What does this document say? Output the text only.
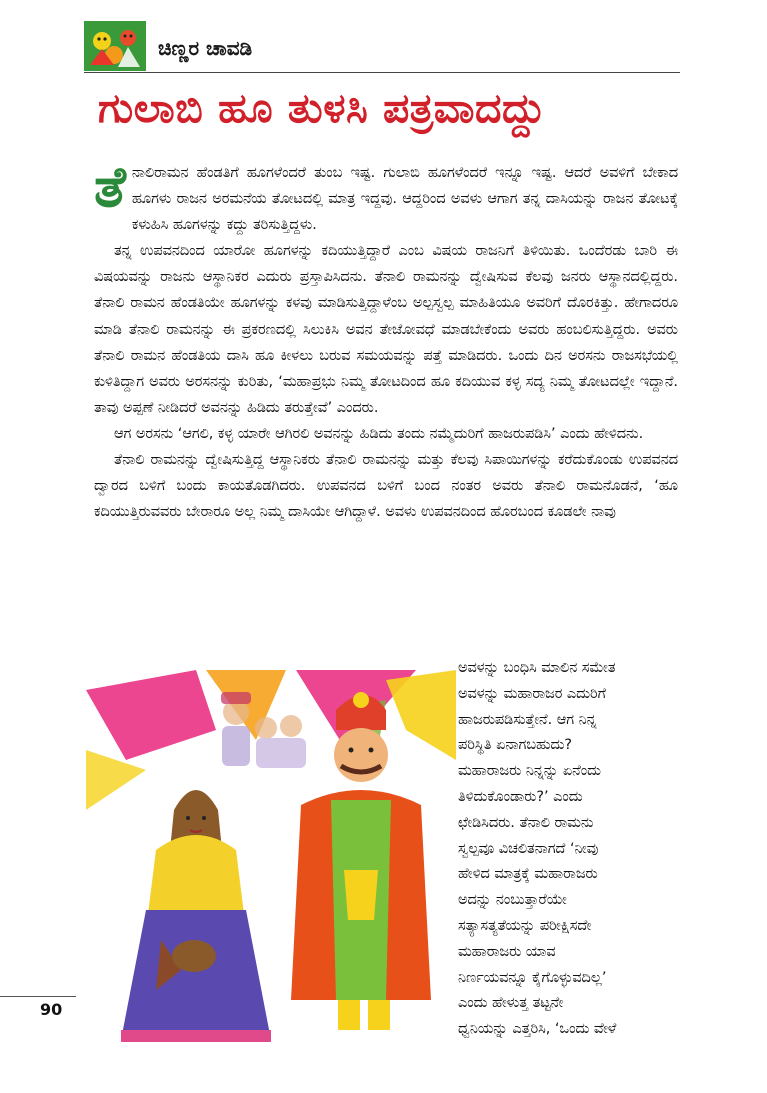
ಚಿಣ್ಣರ ಚಾವಡಿ
ಗುಲಾಬಿ ಹೂ ತುಳಸಿ ಪತ್ರವಾದದ್ದು

ತೆ ನಾಲಿರಾಮನ ಹೆಂಡತಿಗೆ ಹೂಗಳೆಂದರೆ ತುಂಬ ಇಷ್ಟ. ಗುಲಾಬಿ ಹೂಗಳೆಂದರೆ ಇನ್ನೂ ಇಷ್ಟ. ಆದರೆ ಅವಳಿಗೆ ಬೇಕಾದ ಹೂಗಳು ರಾಜನ ಅರಮನೆಯ ತೋಟದಲ್ಲಿ ಮಾತ್ರ ಇದ್ದವು. ಆದ್ದರಿಂದ ಅವಳು ಆಗಾಗ ತನ್ನ ದಾಸಿಯನ್ನು ರಾಜನ ತೋಟಕ್ಕೆ ಕಳುಹಿಸಿ ಹೂಗಳನ್ನು ಕದ್ದು ತರಿಸುತ್ತಿದ್ದಳು.

ತನ್ನ ಉಪವನದಿಂದ ಯಾರೋ ಹೂಗಳನ್ನು ಕದಿಯುತ್ತಿದ್ದಾರೆ ಎಂಬ ವಿಷಯ ರಾಜನಿಗೆ ತಿಳಿಯಿತು. ಒಂದೆರಡು ಬಾರಿ ಈ ವಿಷಯವನ್ನು ರಾಜನು ಆಸ್ಥಾನಿಕರ ಎದುರು ಪ್ರಸ್ತಾಪಿಸಿದನು. ತೆನಾಲಿ ರಾಮನನ್ನು ದ್ವೇಷಿಸುವ ಕೆಲವು ಜನರು ಆಸ್ಥಾನದಲ್ಲಿದ್ದರು. ತೆನಾಲಿ ರಾಮನ ಹೆಂಡತಿಯೇ ಹೂಗಳನ್ನು ಕಳವು ಮಾಡಿಸುತ್ತಿದ್ದಾಳೆಂಬ ಅಲ್ಪಸ್ವಲ್ಪ ಮಾಹಿತಿಯೂ ಅವರಿಗೆ ದೊರಕಿತ್ತು. ಹೇಗಾದರೂ ಮಾಡಿ ತೆನಾಲಿ ರಾಮನನ್ನು ಈ ಪ್ರಕರಣದಲ್ಲಿ ಸಿಲುಕಿಸಿ ಅವನ ತೇಜೋವಧೆ ಮಾಡಬೇಕೆಂದು ಅವರು ಹಂಬಲಿಸುತ್ತಿದ್ದರು. ಅವರು ತೆನಾಲಿ ರಾಮನ ಹೆಂಡತಿಯ ದಾಸಿ ಹೂ ಕೀಳಲು ಬರುವ ಸಮಯವನ್ನು ಪತ್ತೆ ಮಾಡಿದರು. ಒಂದು ದಿನ ಅರಸನು ರಾಜಸಭೆಯಲ್ಲಿ ಕುಳಿತಿದ್ದಾಗ ಅವರು ಅರಸನನ್ನು ಕುರಿತು, ‘ಮಹಾಪ್ರಭು ನಿಮ್ಮ ತೋಟದಿಂದ ಹೂ ಕದಿಯುವ ಕಳ್ಳ ಸದ್ಯ ನಿಮ್ಮ ತೋಟದಲ್ಲೇ ಇದ್ದಾನೆ. ತಾವು ಅಪ್ಪಣೆ ನೀಡಿದರೆ ಅವನನ್ನು ಹಿಡಿದು ತರುತ್ತೇವೆ’ ಎಂದರು.

ಆಗ ಅರಸನು ‘ಆಗಲಿ, ಕಳ್ಳ ಯಾರೇ ಆಗಿರಲಿ ಅವನನ್ನು ಹಿಡಿದು ತಂದು ನಮ್ಮೆದುರಿಗೆ ಹಾಜರುಪಡಿಸಿ’ ಎಂದು ಹೇಳಿದನು.

ತೆನಾಲಿ ರಾಮನನ್ನು ದ್ವೇಷಿಸುತ್ತಿದ್ದ ಆಸ್ಥಾನಿಕರು ತೆನಾಲಿ ರಾಮನನ್ನು ಮತ್ತು ಕೆಲವು ಸಿಪಾಯಿಗಳನ್ನು ಕರೆದುಕೊಂಡು ಉಪವನದ ದ್ವಾರದ ಬಳಿಗೆ ಬಂದು ಕಾಯತೊಡಗಿದರು. ಉಪವನದ ಬಳಿಗೆ ಬಂದ ನಂತರ ಅವರು ತೆನಾಲಿ ರಾಮನೊಡನೆ, ‘ಹೂ ಕದಿಯುತ್ತಿರುವವರು ಬೇರಾರೂ ಅಲ್ಲ ನಿಮ್ಮ ದಾಸಿಯೇ ಆಗಿದ್ದಾಳೆ. ಅವಳು ಉಪವನದಿಂದ ಹೊರಬಂದ ಕೂಡಲೇ ನಾವು

ಅವಳನ್ನು ಬಂಧಿಸಿ ಮಾಲಿನ ಸಮೇತ
ಅವಳನ್ನು ಮಹಾರಾಜರ ಎದುರಿಗೆ
ಹಾಜರುಪಡಿಸುತ್ತೇನೆ. ಆಗ ನಿನ್ನ
ಪರಿಸ್ಥಿತಿ ಏನಾಗಬಹುದು?
ಮಹಾರಾಜರು ನಿನ್ನನ್ನು ಏನೆಂದು
ತಿಳಿದುಕೊಂಡಾರು?’ ಎಂದು
ಛೇಡಿಸಿದರು. ತೆನಾಲಿ ರಾಮನು
ಸ್ವಲ್ಪವೂ ವಿಚಲಿತನಾಗದೆ ‘ನೀವು
ಹೇಳಿದ ಮಾತ್ರಕ್ಕೆ ಮಹಾರಾಜರು
ಅದನ್ನು ನಂಬುತ್ತಾರೆಯೇ
ಸತ್ಯಾಸತ್ಯತೆಯನ್ನು ಪರೀಕ್ಷಿಸದೇ
ಮಹಾರಾಜರು ಯಾವ
ನಿರ್ಣಯವನ್ನೂ ಕೈಗೊಳ್ಳುವದಿಲ್ಲ’
ಎಂದು ಹೇಳುತ್ತ ತಟ್ಟನೇ
ಧ್ವನಿಯನ್ನು ಎತ್ತರಿಸಿ, ‘ಒಂದು ವೇಳೆ
90
